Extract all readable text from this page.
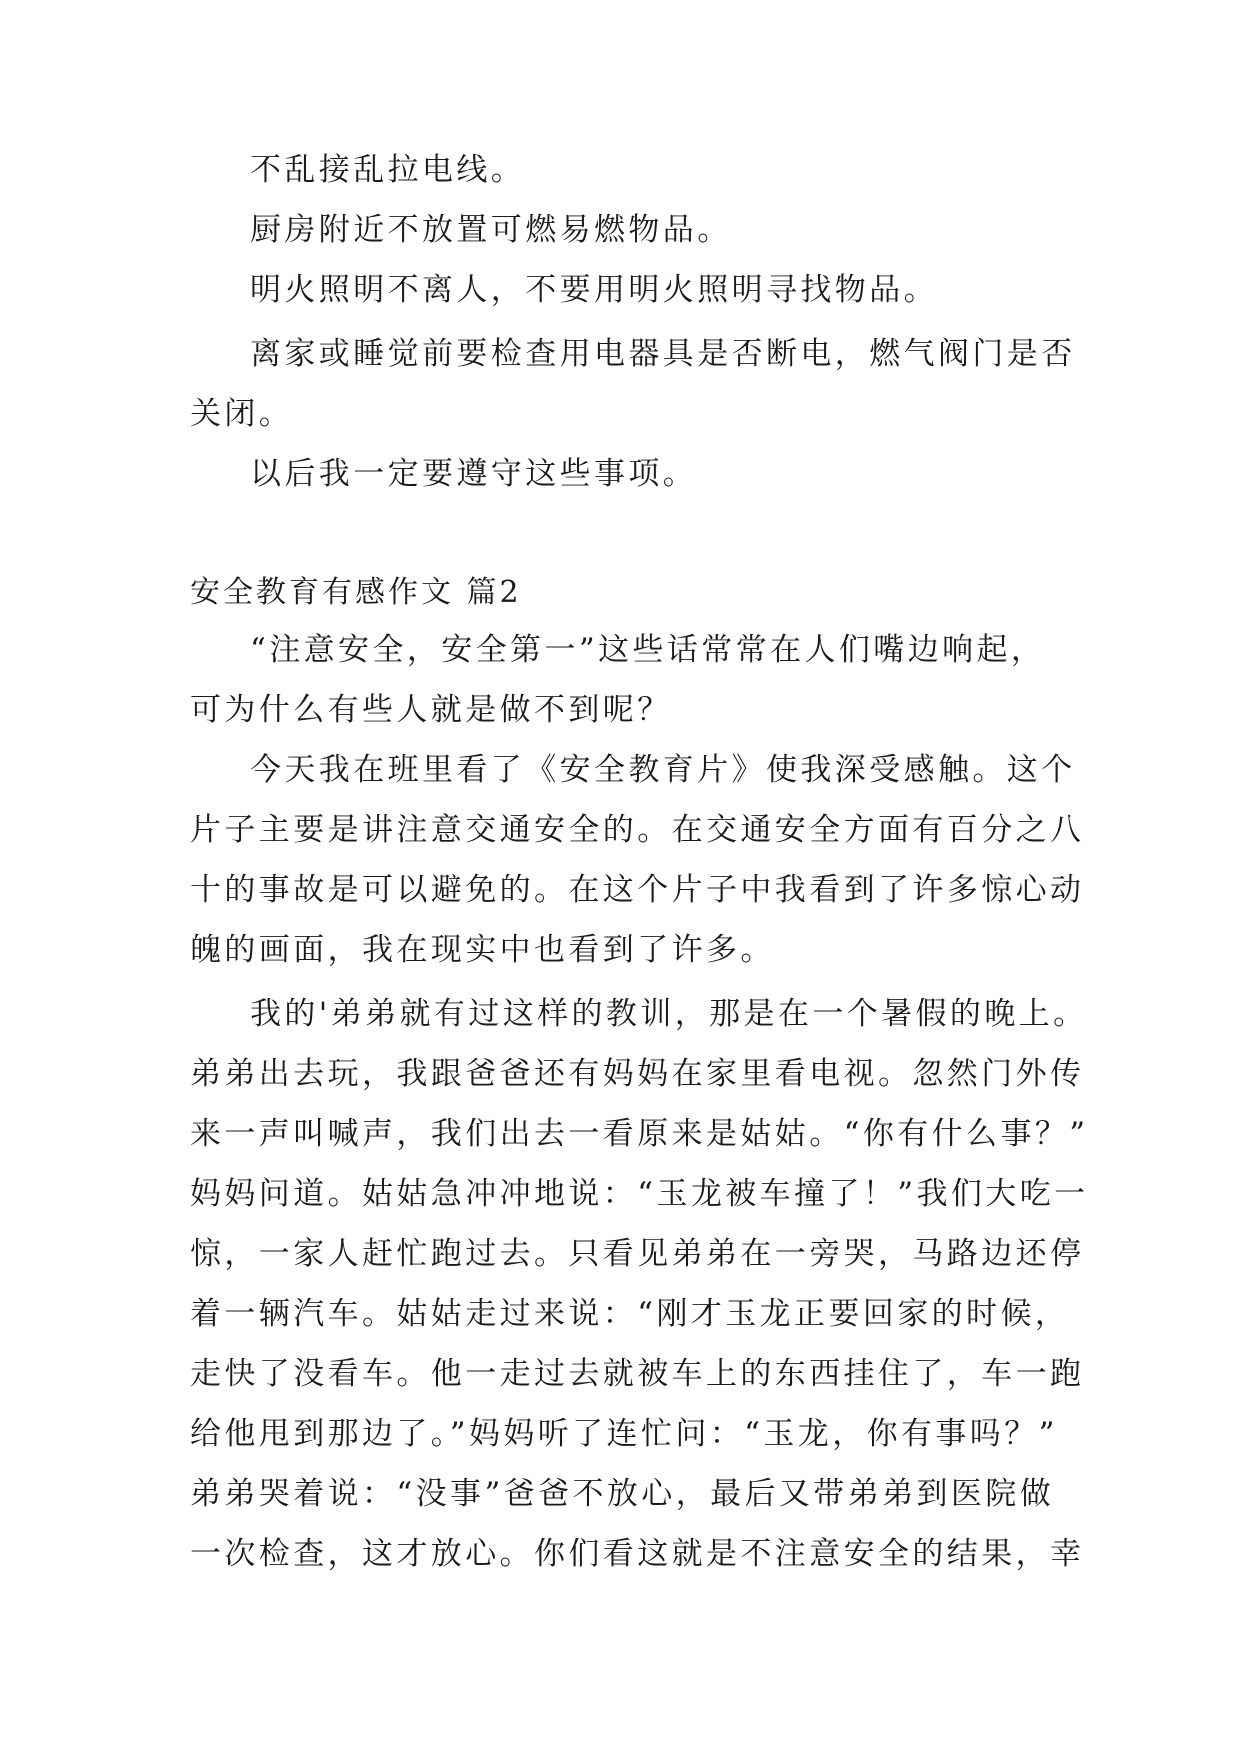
不乱接乱拉电线。
厨房附近不放置可燃易燃物品。
明火照明不离人，不要用明火照明寻找物品。
离家或睡觉前要检查用电器具是否断电，燃气阀门是否
关闭。
以后我一定要遵守这些事项。
安全教育有感作文 篇2
“注意安全，安全第一”这些话常常在人们嘴边响起，
可为什么有些人就是做不到呢？
今天我在班里看了《安全教育片》使我深受感触。这个
片子主要是讲注意交通安全的。在交通安全方面有百分之八
十的事故是可以避免的。在这个片子中我看到了许多惊心动
魄的画面，我在现实中也看到了许多。
我的'弟弟就有过这样的教训，那是在一个暑假的晚上。
弟弟出去玩，我跟爸爸还有妈妈在家里看电视。忽然门外传
来一声叫喊声，我们出去一看原来是姑姑。“你有什么事？”
妈妈问道。姑姑急冲冲地说：“玉龙被车撞了！”我们大吃一
惊，一家人赶忙跑过去。只看见弟弟在一旁哭，马路边还停
着一辆汽车。姑姑走过来说：“刚才玉龙正要回家的时候，
走快了没看车。他一走过去就被车上的东西挂住了，车一跑
给他甩到那边了。”妈妈听了连忙问：“玉龙，你有事吗？”
弟弟哭着说：“没事”爸爸不放心，最后又带弟弟到医院做
一次检查，这才放心。你们看这就是不注意安全的结果，幸
